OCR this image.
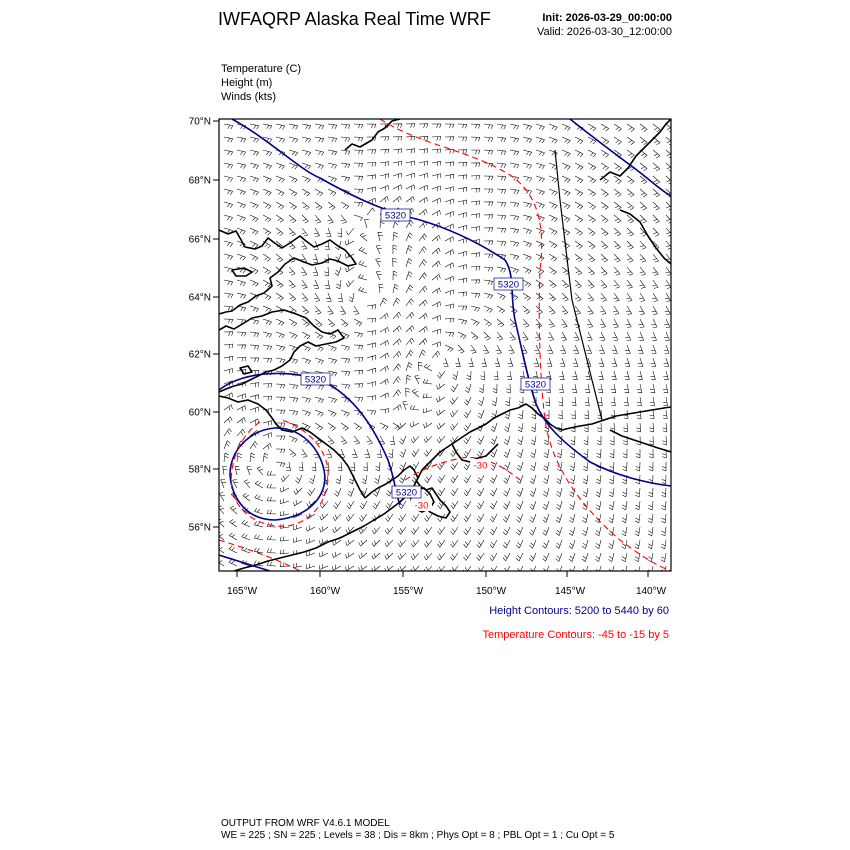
IWFAQRP Alaska Real Time WRF	Init: 2026-03-29_00:00:00
Valid: 2026-03-30_12:00:00
Temperature (C)
Height (m)
Winds (kts)
5320
5320
5320	5320
5320
-30
-30
70°N
68°N
66°N
64°N
62°N
60°N
58°N
56°N
165°W	160°W	155°W	150°W	145°W	140°W
Height Contours: 5200 to 5440 by 60
Temperature Contours: -45 to -15 by 5
OUTPUT FROM WRF V4.6.1 MODEL
WE = 225 ; SN = 225 ; Levels = 38 ; Dis = 8km ; Phys Opt = 8 ; PBL Opt = 1 ; Cu Opt = 5
